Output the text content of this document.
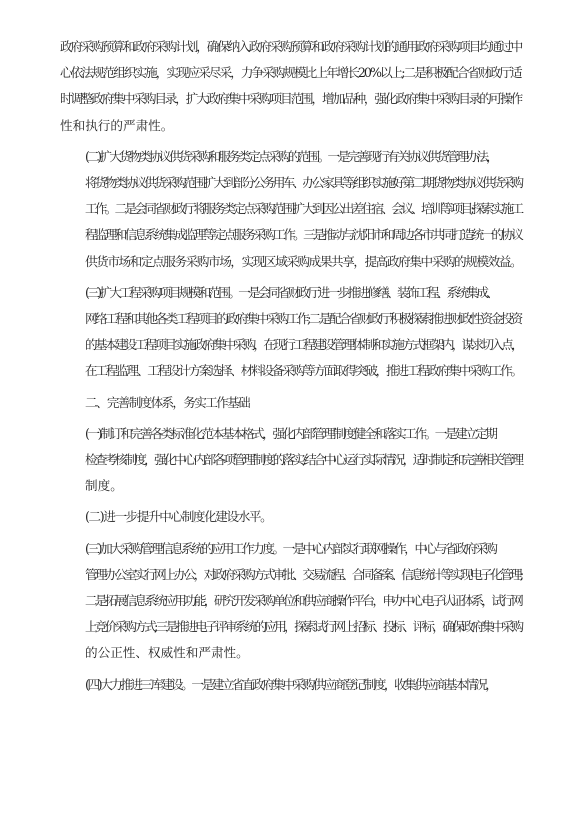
政府采购预算和政府采购计划，确保纳入政府采购预算和政府采购计划的通用政府采购项目均通过中
心依法规范组织实施，实现应采尽采，力争采购规模比上年增长20%以上;二是积极配合省财政厅适
时调整政府集中采购目录，扩大政府集中采购项目范围，增加品种，强化政府集中采购目录的可操作
性和执行的严肃性。
(二)扩大货物类协议供货采购和服务类定点采购的范围。一是完善现行有关协议供货管理办法，
将货物类协议供货采购范围扩大到部分公务用车、办公家具等;组织实施好第二期货物类协议供货采购
工作。二是会同省财政厅将服务类定点采购范围扩大到因公出差住宿、会议、培训等项目;探索实施工
程监理和信息系统集成监理等定点服务采购工作。三是推动与沈阳市和周边各市共同打造统一的协议
供货市场和定点服务采购市场，实现区域采购成果共享，提高政府集中采购的规模效益。
(三)扩大工程采购项目规模和范围。一是会同省财政厅进一步推进修缮、装饰工程、系统集成、
网络工程和其他各类工程项目的政府集中采购工作;二是配合省财政厅积极探索推进财政性资金投资
的基本建设工程项目实施政府集中采购，在现行工程建设管理体制和实施方式框架内，谋求切入点，
在工程监理、工程设计方案选择、材料设备采购等方面取得突破，推进工程政府集中采购工作。
二、完善制度体系，务实工作基础
(一)制订和完善各类标准化范本基本格式，强化内部管理制度健全和落实工作。一是建立定期
检查考核制度，强化中心内部各项管理制度的落实;结合中心运行实际情况，适时制定和完善相关管理
制度。
(二)进一步提升中心制度化建设水平。
(三)加大采购管理信息系统的应用工作力度。一是中心内部实行联网操作，中心与省政府采购
管理办公室实行网上办公，对政府采购方式审批、交易流程、合同备案、信息统计等实现电子化管理;
二是拓展信息系统应用功能，研究开发采购单位和供应商操作平台，申办中心电子认证体系，试行网
上竞价采购方式;三是推进电子评审系统的应用，探索试行网上招标、投标、评标，确保政府集中采购
的公正性、权威性和严肃性。
(四)大力推进三库建设。一是建立省直政府集中采购供应商登记制度，收集供应商基本情况，
